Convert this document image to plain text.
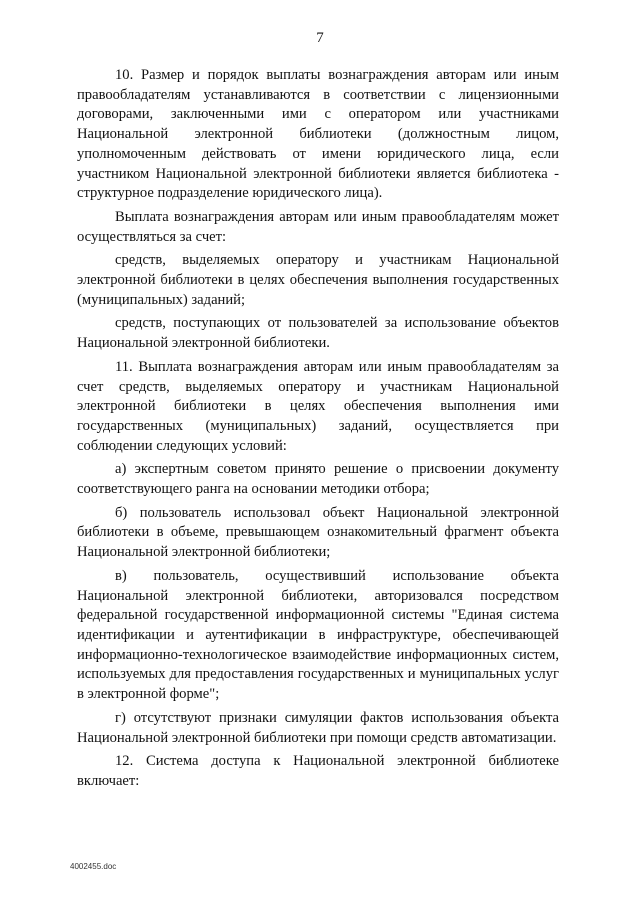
7

10. Размер и порядок выплаты вознаграждения авторам или иным правообладателям устанавливаются в соответствии с лицензионными договорами, заключенными ими с оператором или участниками Национальной электронной библиотеки (должностным лицом, уполномоченным действовать от имени юридического лица, если участником Национальной электронной библиотеки является библиотека - структурное подразделение юридического лица).

Выплата вознаграждения авторам или иным правообладателям может осуществляться за счет:

средств, выделяемых оператору и участникам Национальной электронной библиотеки в целях обеспечения выполнения государственных (муниципальных) заданий;

средств, поступающих от пользователей за использование объектов Национальной электронной библиотеки.

11. Выплата вознаграждения авторам или иным правообладателям за счет средств, выделяемых оператору и участникам Национальной электронной библиотеки в целях обеспечения выполнения ими государственных (муниципальных) заданий, осуществляется при соблюдении следующих условий:

а) экспертным советом принято решение о присвоении документу соответствующего ранга на основании методики отбора;

б) пользователь использовал объект Национальной электронной библиотеки в объеме, превышающем ознакомительный фрагмент объекта Национальной электронной библиотеки;

в) пользователь, осуществивший использование объекта Национальной электронной библиотеки, авторизовался посредством федеральной государственной информационной системы "Единая система идентификации и аутентификации в инфраструктуре, обеспечивающей информационно-технологическое взаимодействие информационных систем, используемых для предоставления государственных и муниципальных услуг в электронной форме";

г) отсутствуют признаки симуляции фактов использования объекта Национальной электронной библиотеки при помощи средств автоматизации.

12. Система доступа к Национальной электронной библиотеке включает:

4002455.doc
